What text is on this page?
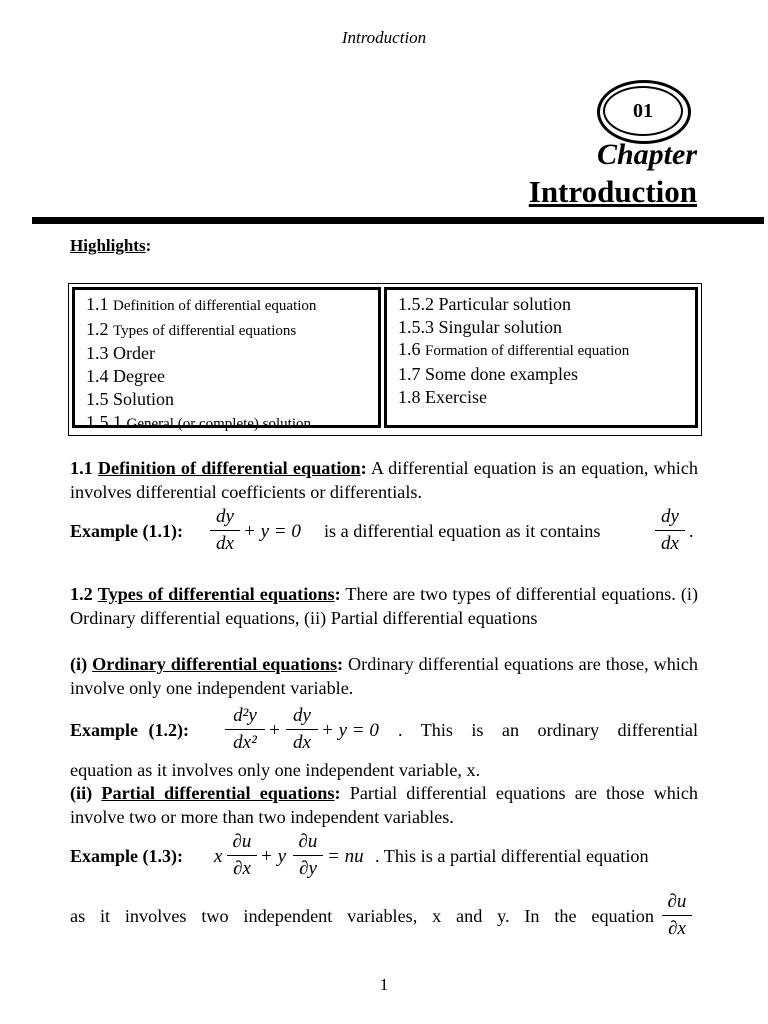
Introduction
01
Chapter
Introduction
Highlights:
1.1 Definition of differential equation
1.2 Types of differential equations
1.3 Order
1.4 Degree
1.5 Solution
1.5.1 General (or complete) solution
1.5.2 Particular solution
1.5.3 Singular solution
1.6 Formation of differential equation
1.7 Some done examples
1.8 Exercise
1.1 Definition of differential equation: A differential equation is an equation, which involves differential coefficients or differentials.
Example (1.1):
dy
dx
+ y = 0 is a differential equation as it contains
dy
dx
.
1.2 Types of differential equations: There are two types of differential equations. (i) Ordinary differential equations, (ii) Partial differential equations
(i) Ordinary differential equations: Ordinary differential equations are those, which involve only one independent variable.
Example (1.2):
d²y
dx²
+
dy
dx
+ y = 0 . This is an ordinary differential
equation as it involves only one independent variable, x.
(ii) Partial differential equations: Partial differential equations are those which involve two or more than two independent variables.
Example (1.3): x
∂u
∂x
+ y
∂u
∂y
= nu . This is a partial differential equation
as it involves two independent variables, x and y. In the equation
∂u
∂x
1
